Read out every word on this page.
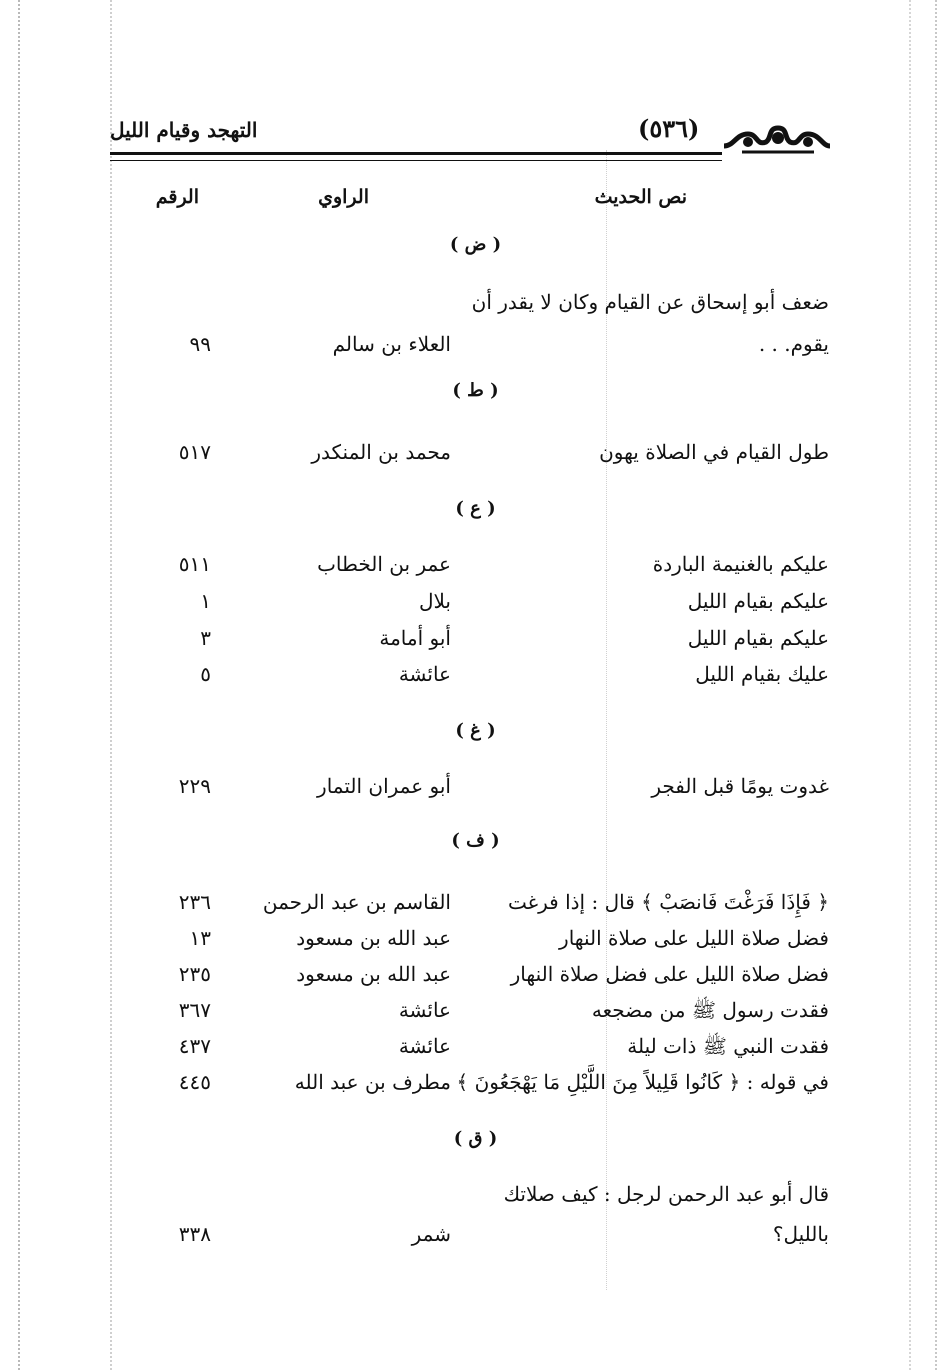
التهجد وقيام الليل	(٥٣٦)
نص الحديث
الراوي
الرقم
( ض )
ضعف أبو إسحاق عن القيام وكان لا يقدر أن
يقوم. . .
العلاء بن سالم
٩٩
( ط )
طول القيام في الصلاة يهون
محمد بن المنكدر
٥١٧
( ع )
عليكم بالغنيمة الباردة
عمر بن الخطاب
٥١١
عليكم بقيام الليل
بلال
١
عليكم بقيام الليل
أبو أمامة
٣
عليك بقيام الليل
عائشة
٥
( غ )
غدوت يومًا قبل الفجر
أبو عمران التمار
٢٢٩
( ف )
﴿ فَإِذَا فَرَغْتَ فَانصَبْ ﴾ قال : إذا فرغت
القاسم بن عبد الرحمن
٢٣٦
فضل صلاة الليل على صلاة النهار
عبد الله بن مسعود
١٣
فضل صلاة الليل على فضل صلاة النهار
عبد الله بن مسعود
٢٣٥
فقدت رسول ﷺ من مضجعه
عائشة
٣٦٧
فقدت النبي ﷺ ذات ليلة
عائشة
٤٣٧
في قوله : ﴿ كَانُوا قَلِيلاً مِنَ اللَّيْلِ مَا يَهْجَعُونَ ﴾
مطرف بن عبد الله
٤٤٥
( ق )
قال أبو عبد الرحمن لرجل : كيف صلاتك
بالليل؟
شمر
٣٣٨
